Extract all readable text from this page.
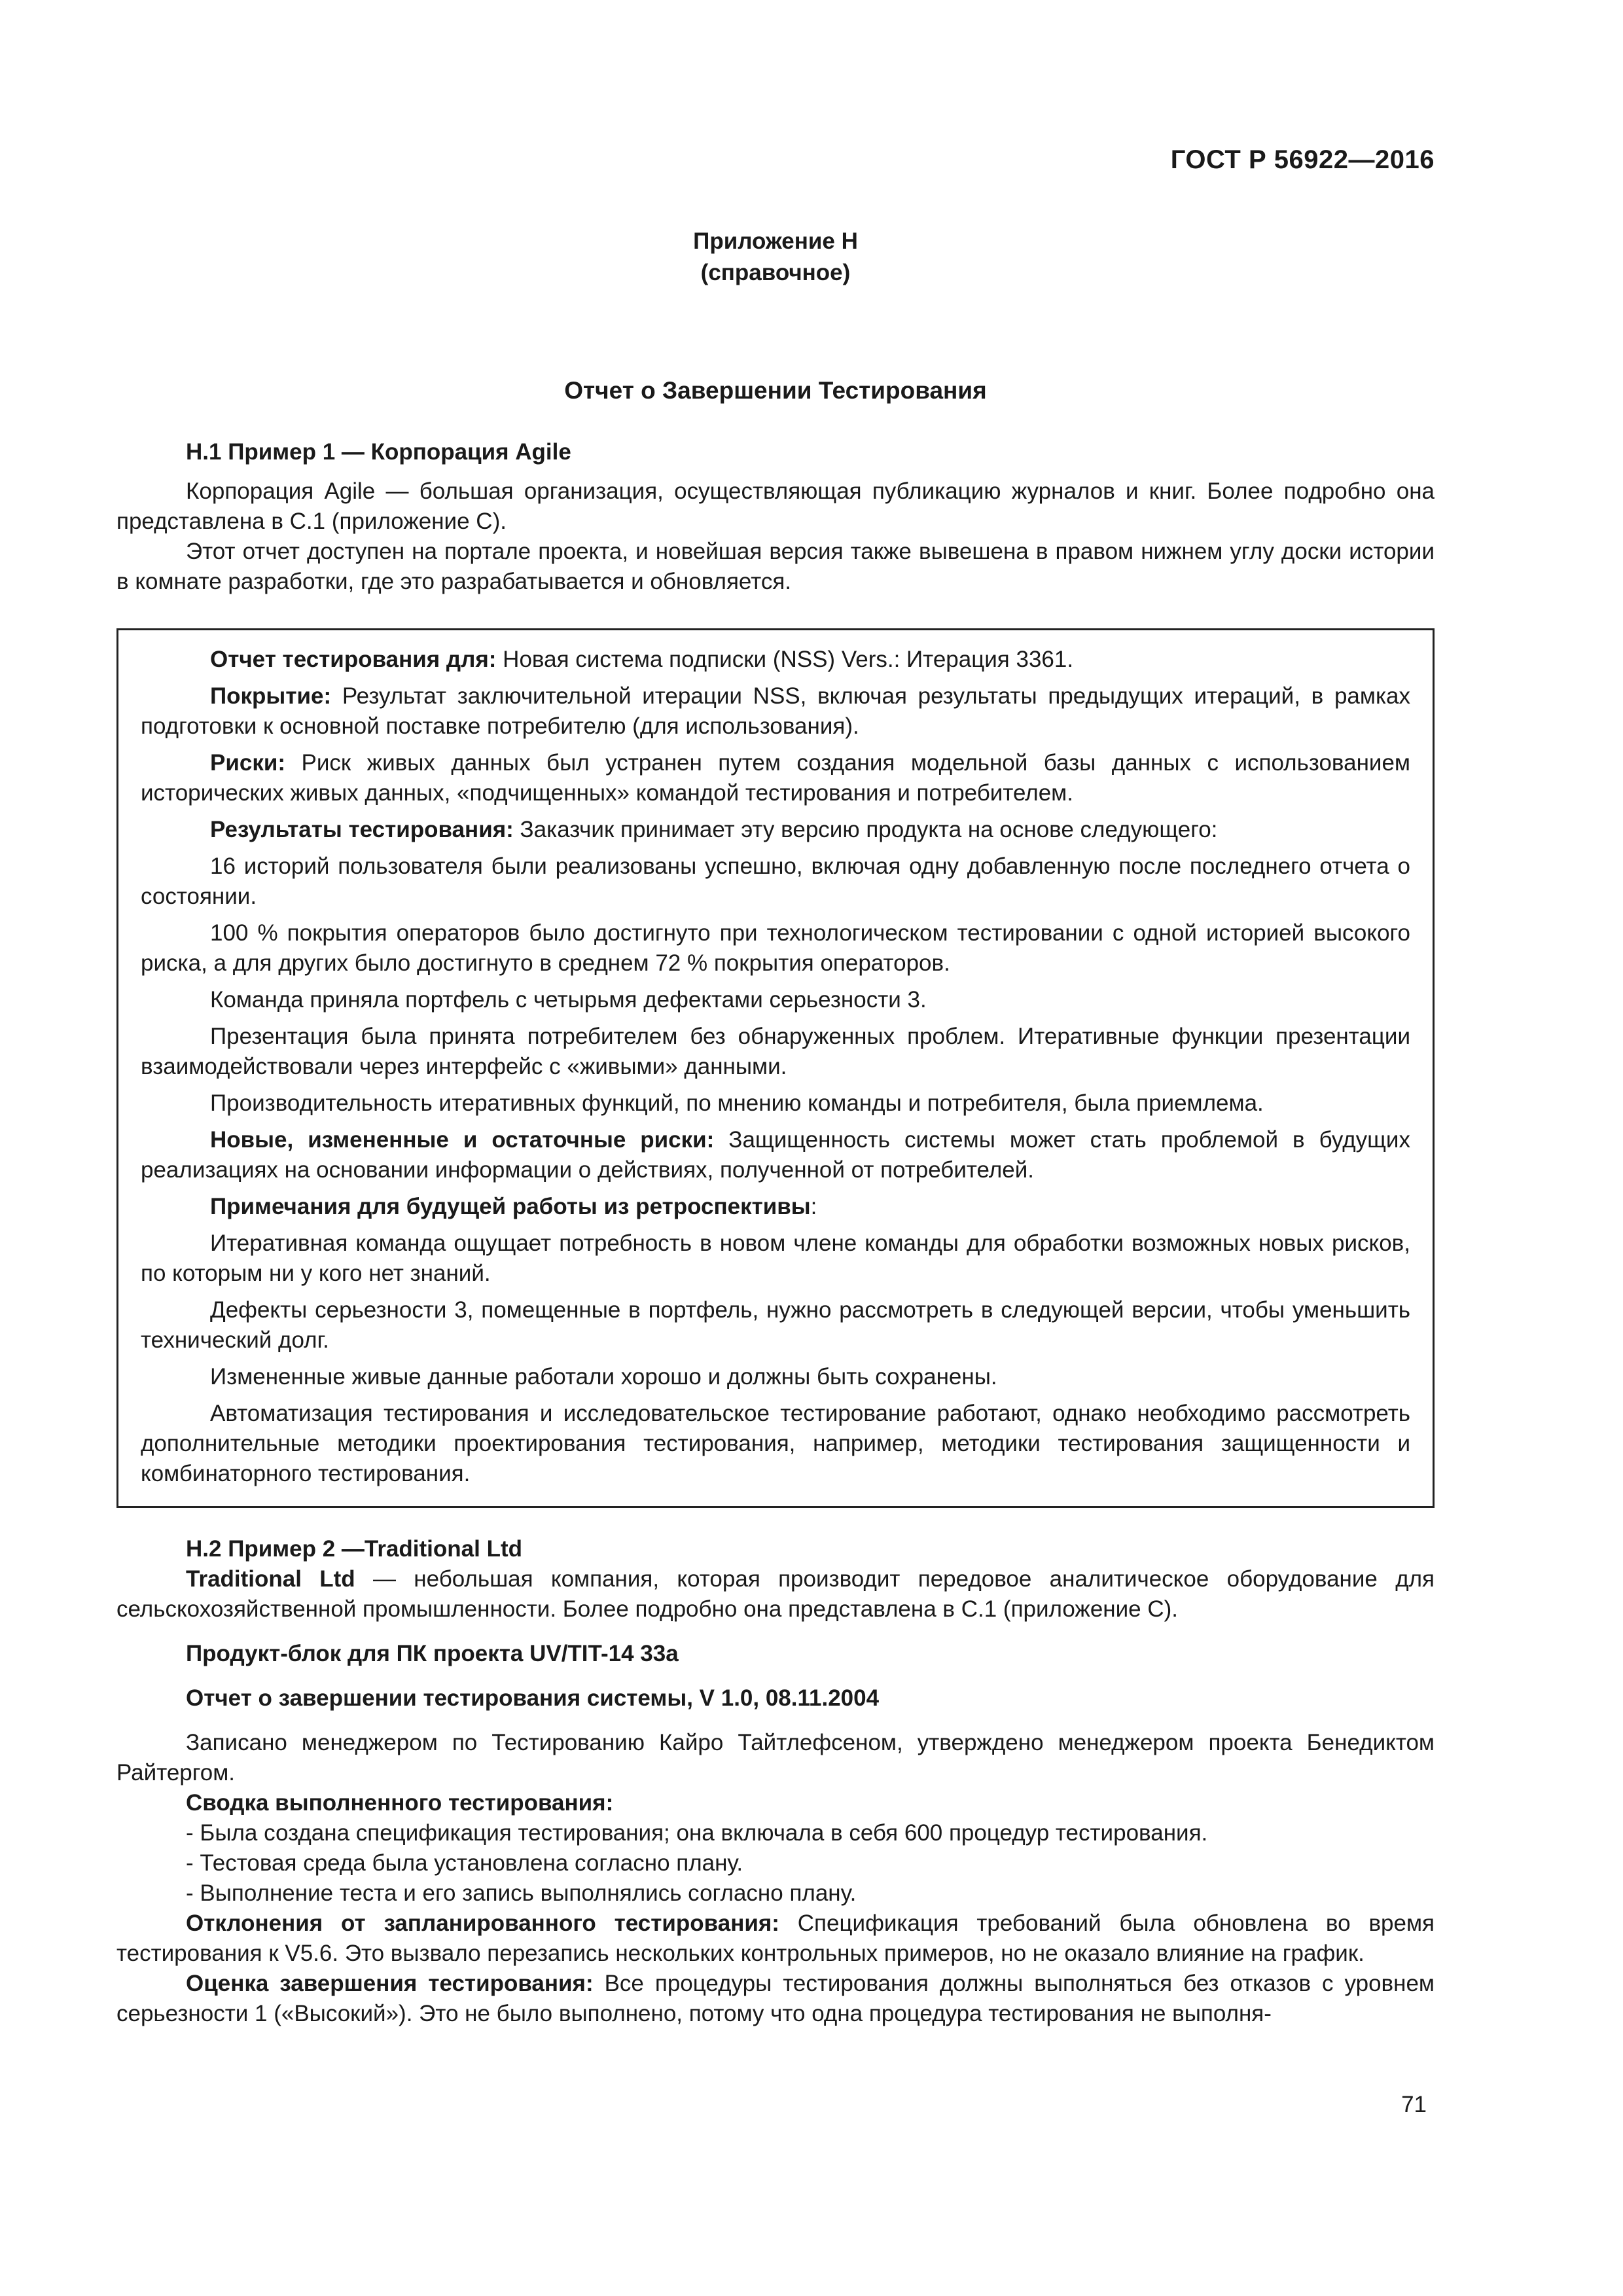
ГОСТ Р 56922—2016
Приложение Н
(справочное)
Отчет о Завершении Тестирования
Н.1 Пример 1 — Корпорация Agile

Корпорация Agile — большая организация, осуществляющая публикацию журналов и книг. Более подробно она представлена в С.1 (приложение С).

Этот отчет доступен на портале проекта, и новейшая версия также вывешена в правом нижнем углу доски истории в комнате разработки, где это разрабатывается и обновляется.

Отчет тестирования для: Новая система подписки (NSS) Vers.: Итерация 3361.

Покрытие: Результат заключительной итерации NSS, включая результаты предыдущих итераций, в рамках подготовки к основной поставке потребителю (для использования).

Риски: Риск живых данных был устранен путем создания модельной базы данных с использованием исторических живых данных, «подчищенных» командой тестирования и потребителем.

Результаты тестирования: Заказчик принимает эту версию продукта на основе следующего:

16 историй пользователя были реализованы успешно, включая одну добавленную после последнего отчета о состоянии.

100 % покрытия операторов было достигнуто при технологическом тестировании с одной историей высокого риска, а для других было достигнуто в среднем 72 % покрытия операторов.

Команда приняла портфель с четырьмя дефектами серьезности 3.

Презентация была принята потребителем без обнаруженных проблем. Итеративные функции презентации взаимодействовали через интерфейс с «живыми» данными.

Производительность итеративных функций, по мнению команды и потребителя, была приемлема.

Новые, измененные и остаточные риски: Защищенность системы может стать проблемой в будущих реализациях на основании информации о действиях, полученной от потребителей.

Примечания для будущей работы из ретроспективы:

Итеративная команда ощущает потребность в новом члене команды для обработки возможных новых рисков, по которым ни у кого нет знаний.

Дефекты серьезности 3, помещенные в портфель, нужно рассмотреть в следующей версии, чтобы уменьшить технический долг.

Измененные живые данные работали хорошо и должны быть сохранены.

Автоматизация тестирования и исследовательское тестирование работают, однако необходимо рассмотреть дополнительные методики проектирования тестирования, например, методики тестирования защищенности и комбинаторного тестирования.

Н.2 Пример 2 —Traditional Ltd

Traditional Ltd — небольшая компания, которая производит передовое аналитическое оборудование для сельскохозяйственной промышленности. Более подробно она представлена в С.1 (приложение С).

Продукт-блок для ПК проекта UV/TIT-14 33a
Отчет о завершении тестирования системы, V 1.0, 08.11.2004

Записано менеджером по Тестированию Кайро Тайтлефсеном, утверждено менеджером проекта Бенедиктом Райтергом.

Сводка выполненного тестирования:
- Была создана спецификация тестирования; она включала в себя 600 процедур тестирования.
- Тестовая среда была установлена согласно плану.
- Выполнение теста и его запись выполнялись согласно плану.

Отклонения от запланированного тестирования: Спецификация требований была обновлена во время тестирования к V5.6. Это вызвало перезапись нескольких контрольных примеров, но не оказало влияние на график.

Оценка завершения тестирования: Все процедуры тестирования должны выполняться без отказов с уровнем серьезности 1 («Высокий»). Это не было выполнено, потому что одна процедура тестирования не выполня-

71
